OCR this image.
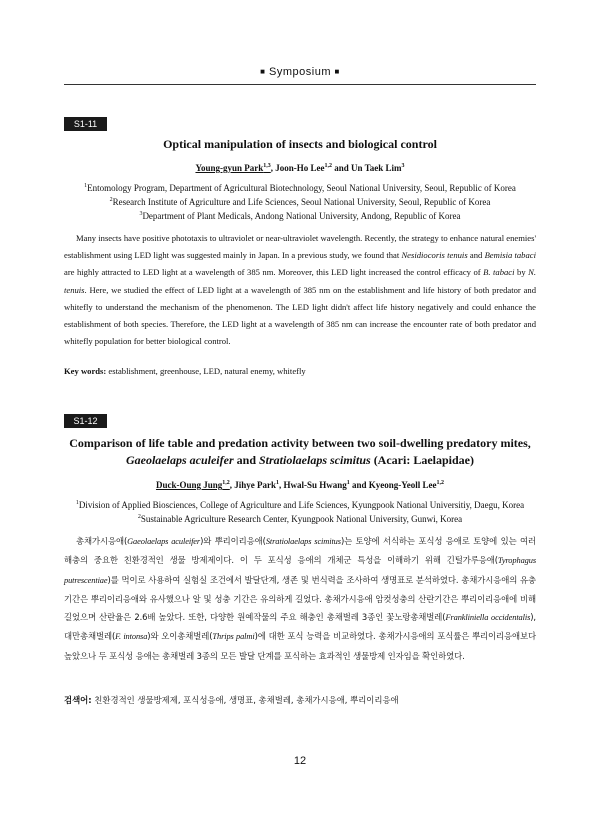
■ Symposium ■
S1-11
Optical manipulation of insects and biological control
Young-gyun Park$^{1,3}$, Joon-Ho Lee$^{1,2}$ and Un Taek Lim$^3$
$^1$Entomology Program, Department of Agricultural Biotechnology, Seoul National University, Seoul, Republic of Korea
$^2$Research Institute of Agriculture and Life Sciences, Seoul National University, Seoul, Republic of Korea
$^3$Department of Plant Medicals, Andong National University, Andong, Republic of Korea

Many insects have positive phototaxis to ultraviolet or near-ultraviolet wavelength. Recently, the strategy to enhance natural enemies' establishment using LED light was suggested mainly in Japan. In a previous study, we found that Nesidiocoris tenuis and Bemisia tabaci are highly attracted to LED light at a wavelength of 385 nm. Moreover, this LED light increased the control efficacy of B. tabaci by N. tenuis. Here, we studied the effect of LED light at a wavelength of 385 nm on the establishment and life history of both predator and whitefly to understand the mechanism of the phenomenon. The LED light didn't affect life history negatively and could enhance the establishment of both species. Therefore, the LED light at a wavelength of 385 nm can increase the encounter rate of both predator and whitefly population for better biological control.

Key words: establishment, greenhouse, LED, natural enemy, whitefly
S1-12
Comparison of life table and predation activity between two soil-dwelling predatory mites,
Gaeolaelaps aculeifer and Stratiolaelaps scimitus (Acari: Laelapidae)
Duck-Oung Jung$^{1,2}$, Jihye Park$^1$, Hwal-Su Hwang$^1$ and Kyeong-Yeoll Lee$^{1,2}$
$^1$Division of Applied Biosciences, College of Agriculture and Life Sciences, Kyungpook National Universitiy, Daegu, Korea
$^2$Sustainable Agriculture Research Center, Kyungpook National University, Gunwi, Korea

총채가시응애(Gaeolaelaps aculeifer)와 뿌리이리응애(Stratiolaelaps scimitus)는 토양에 서식하는 포식성 응애로 토양에 있는 여러 해충의 중요한 친환경적인 생물 방제제이다. 이 두 포식성 응애의 개체군 특성을 이해하기 위해 긴털가루응애(Tyrophagus putrescentiae)를 먹이로 사용하여 실험실 조건에서 발달단계, 생존 및 번식력을 조사하여 생명표로 분석하였다. 총채가시응애의 유충 기간은 뿌리이리응애와 유사했으나 알 및 성충 기간은 유의하게 길었다. 총채가시응애 암컷성충의 산란기간은 뿌리이리응애에 비해 길었으며 산란율은 2.6배 높았다. 또한, 다양한 원예작물의 주요 해충인 총채벌레 3종인 꽃노랑총채벌레(Frankliniella occidentalis), 대만총채벌레(F. intonsa)와 오이총채벌레(Thrips palmi)에 대한 포식 능력을 비교하였다. 총채가시응애의 포식률은 뿌리이리응애보다 높았으나 두 포식성 응애는 총채벌레 3종의 모든 발달 단계를 포식하는 효과적인 생물방제 인자임을 확인하였다.

검색어: 친환경적인 생물방제제, 포식성응애, 생명표, 총채벌레, 총채가시응애, 뿌리이리응애
12
